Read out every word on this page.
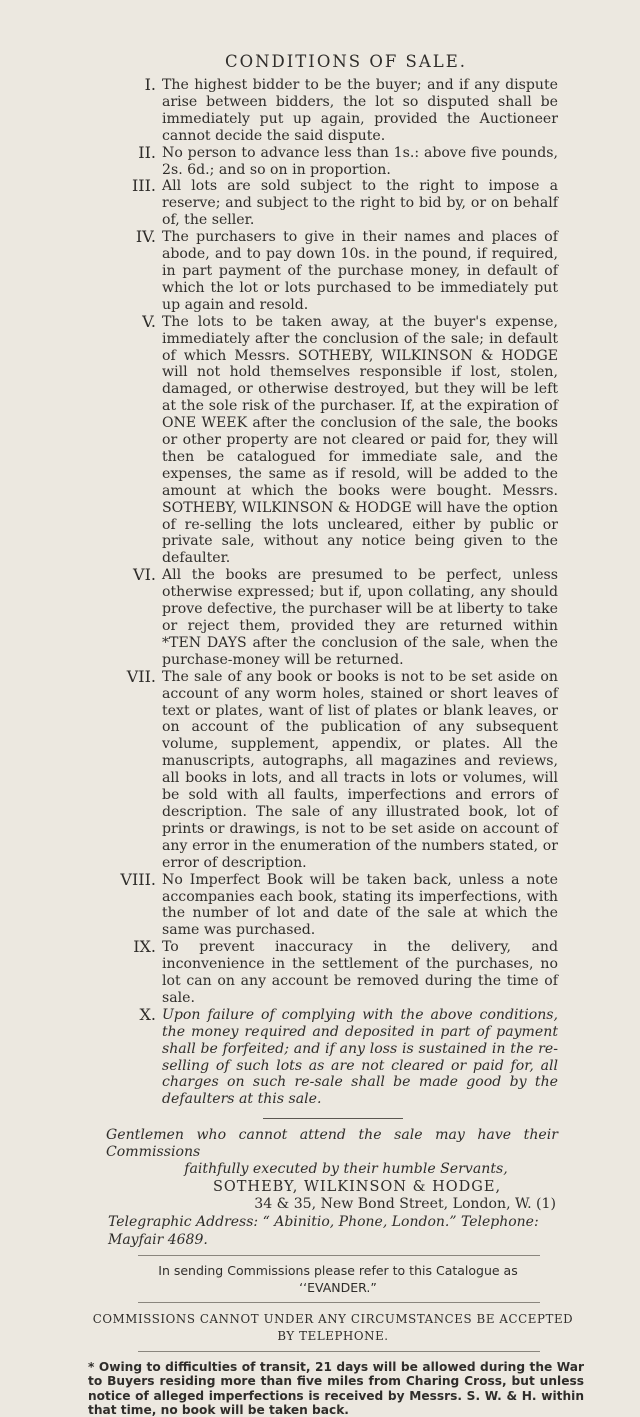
CONDITIONS OF SALE.
I. The highest bidder to be the buyer; and if any dispute arise between bidders, the lot so disputed shall be immediately put up again, provided the Auctioneer cannot decide the said dispute.
II. No person to advance less than 1s.: above five pounds, 2s. 6d.; and so on in proportion.
III. All lots are sold subject to the right to impose a reserve; and subject to the right to bid by, or on behalf of, the seller.
IV. The purchasers to give in their names and places of abode, and to pay down 10s. in the pound, if required, in part payment of the purchase money, in default of which the lot or lots purchased to be immediately put up again and resold.
V. The lots to be taken away, at the buyer's expense, immediately after the conclusion of the sale; in default of which Messrs. SOTHEBY, WILKINSON & HODGE will not hold themselves responsible if lost, stolen, damaged, or otherwise destroyed, but they will be left at the sole risk of the purchaser. If, at the expiration of ONE WEEK after the conclusion of the sale, the books or other property are not cleared or paid for, they will then be catalogued for immediate sale, and the expenses, the same as if resold, will be added to the amount at which the books were bought. Messrs. SOTHEBY, WILKINSON & HODGE will have the option of re-selling the lots uncleared, either by public or private sale, without any notice being given to the defaulter.
VI. All the books are presumed to be perfect, unless otherwise expressed; but if, upon collating, any should prove defective, the purchaser will be at liberty to take or reject them, provided they are returned within *TEN DAYS after the conclusion of the sale, when the purchase-money will be returned.
VII. The sale of any book or books is not to be set aside on account of any worm holes, stained or short leaves of text or plates, want of list of plates or blank leaves, or on account of the publication of any subsequent volume, supplement, appendix, or plates. All the manuscripts, autographs, all magazines and reviews, all books in lots, and all tracts in lots or volumes, will be sold with all faults, imperfections and errors of description. The sale of any illustrated book, lot of prints or drawings, is not to be set aside on account of any error in the enumeration of the numbers stated, or error of description.
VIII. No Imperfect Book will be taken back, unless a note accompanies each book, stating its imperfections, with the number of lot and date of the sale at which the same was purchased.
IX. To prevent inaccuracy in the delivery, and inconvenience in the settlement of the purchases, no lot can on any account be removed during the time of sale.
X. Upon failure of complying with the above conditions, the money required and deposited in part of payment shall be forfeited; and if any loss is sustained in the re-selling of such lots as are not cleared or paid for, all charges on such re-sale shall be made good by the defaulters at this sale.
Gentlemen who cannot attend the sale may have their Commissions
faithfully executed by their humble Servants,
SOTHEBY, WILKINSON & HODGE,
34 & 35, New Bond Street, London, W. (1)
Telegraphic Address: “ Abinitio, Phone, London.” Telephone: Mayfair 4689.
In sending Commissions please refer to this Catalogue as ‘‘EVANDER.”
COMMISSIONS CANNOT UNDER ANY CIRCUMSTANCES BE ACCEPTED BY TELEPHONE.
* Owing to difficulties of transit, 21 days will be allowed during the War to Buyers residing more than five miles from Charing Cross, but unless notice of alleged imperfections is received by Messrs. S. W. & H. within that time, no book will be taken back.
